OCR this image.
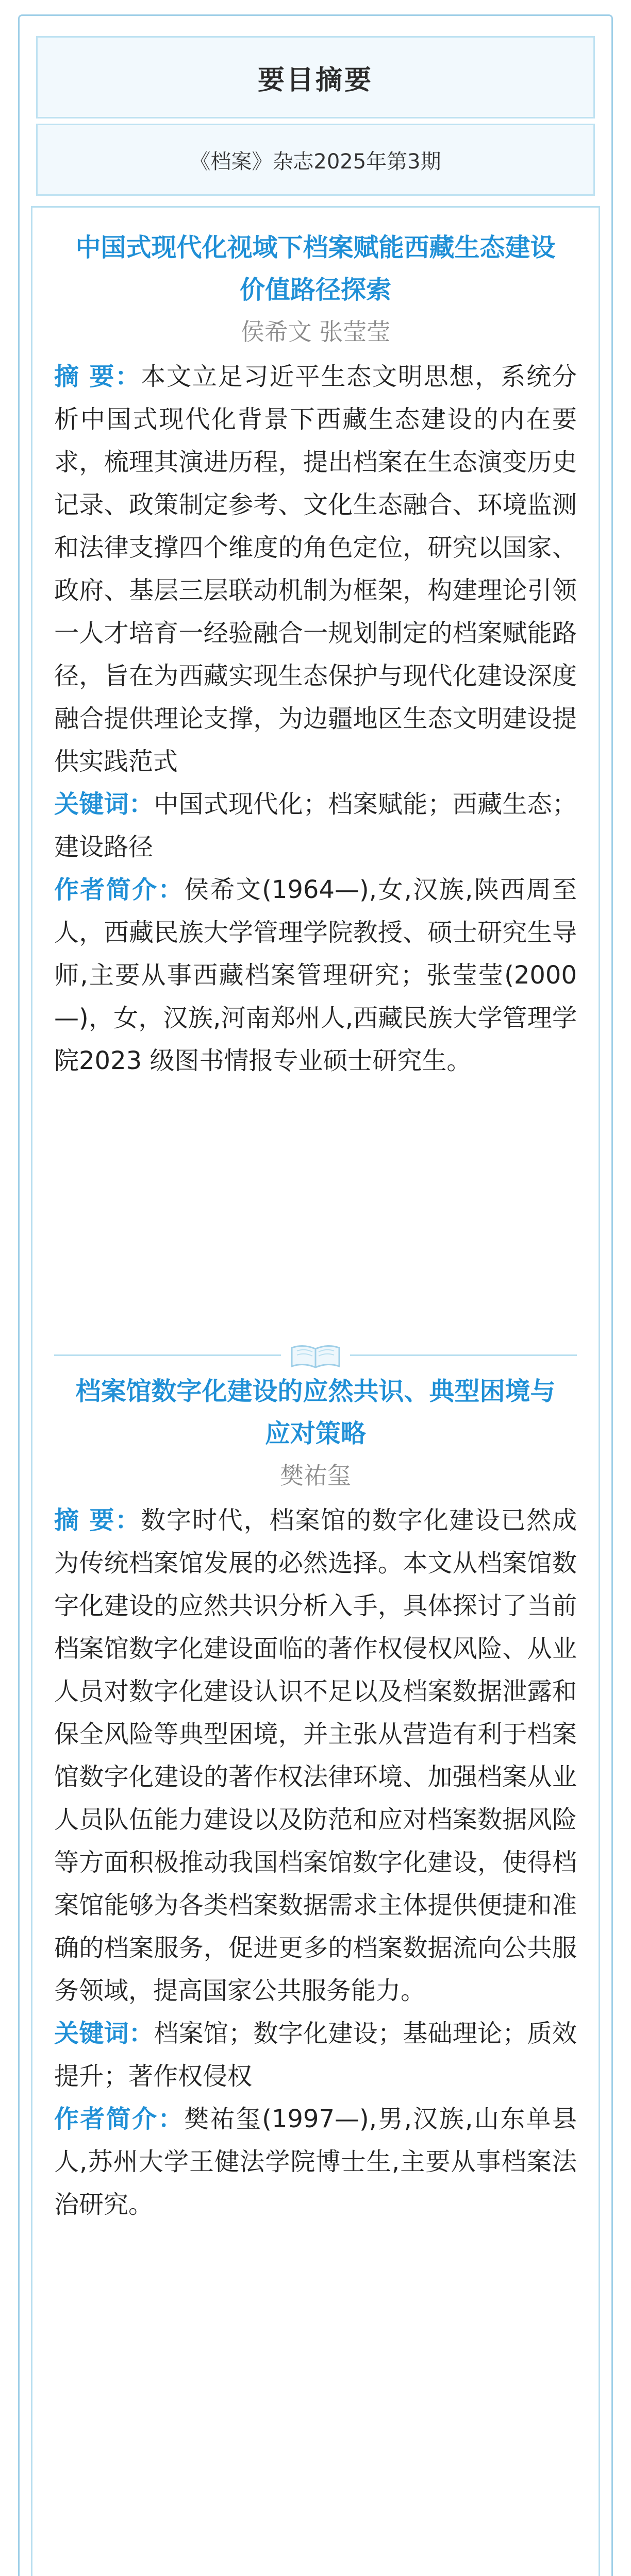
要目摘要
《档案》杂志2025年第3期

中国式现代化视域下档案赋能西藏生态建设
价值路径探索

侯希文 张莹莹

摘 要：本文立足习近平生态文明思想，系统分析中国式现代化背景下西藏生态建设的内在要求，梳理其演进历程，提出档案在生态演变历史记录、政策制定参考、文化生态融合、环境监测和法律支撑四个维度的角色定位，研究以国家、政府、基层三层联动机制为框架，构建理论引领一人才培育一经验融合一规划制定的档案赋能路径，旨在为西藏实现生态保护与现代化建设深度融合提供理论支撑，为边疆地区生态文明建设提供实践范式

关键词：中国式现代化；档案赋能；西藏生态；建设路径

作者简介：侯希文(1964—),女,汉族,陕西周至人，西藏民族大学管理学院教授、硕士研究生导师,主要从事西藏档案管理研究；张莹莹(2000—)，女，汉族,河南郑州人,西藏民族大学管理学院2023 级图书情报专业硕士研究生。

档案馆数字化建设的应然共识、典型困境与
应对策略

樊祐玺

摘 要：数字时代，档案馆的数字化建设已然成为传统档案馆发展的必然选择。本文从档案馆数字化建设的应然共识分析入手，具体探讨了当前档案馆数字化建设面临的著作权侵权风险、从业人员对数字化建设认识不足以及档案数据泄露和保全风险等典型困境，并主张从营造有利于档案馆数字化建设的著作权法律环境、加强档案从业人员队伍能力建设以及防范和应对档案数据风险等方面积极推动我国档案馆数字化建设，使得档案馆能够为各类档案数据需求主体提供便捷和准确的档案服务，促进更多的档案数据流向公共服务领域，提高国家公共服务能力。

关键词：档案馆；数字化建设；基础理论；质效提升；著作权侵权

作者简介：樊祐玺(1997—),男,汉族,山东单县人,苏州大学王健法学院博士生,主要从事档案法治研究。
